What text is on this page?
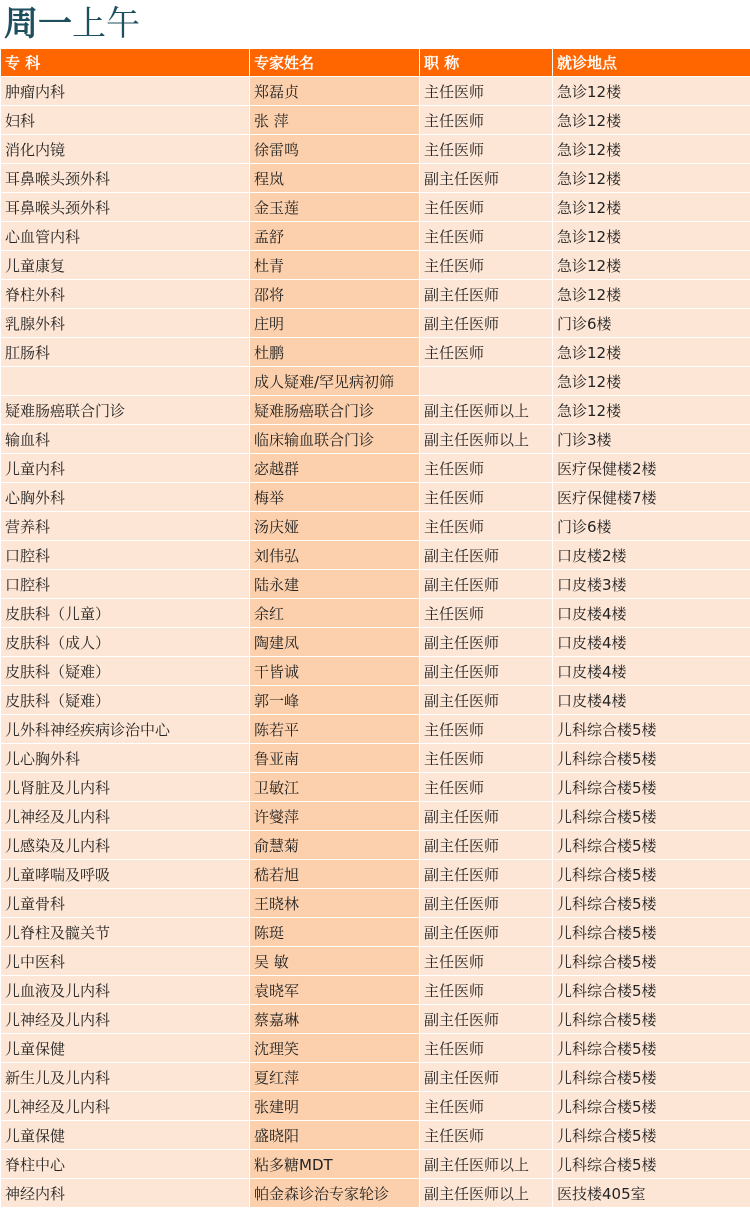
周一上午
专 科	专家姓名	职 称	就诊地点
肿瘤内科	郑磊贞	主任医师	急诊12楼
妇科	张 萍	主任医师	急诊12楼
消化内镜	徐雷鸣	主任医师	急诊12楼
耳鼻喉头颈外科	程岚	副主任医师	急诊12楼
耳鼻喉头颈外科	金玉莲	主任医师	急诊12楼
心血管内科	孟舒	主任医师	急诊12楼
儿童康复	杜青	主任医师	急诊12楼
脊柱外科	邵将	副主任医师	急诊12楼
乳腺外科	庄明	副主任医师	门诊6楼
肛肠科	杜鹏	主任医师	急诊12楼
	成人疑难/罕见病初筛		急诊12楼
疑难肠癌联合门诊	疑难肠癌联合门诊	副主任医师以上	急诊12楼
输血科	临床输血联合门诊	副主任医师以上	门诊3楼
儿童内科	宓越群	主任医师	医疗保健楼2楼
心胸外科	梅举	主任医师	医疗保健楼7楼
营养科	汤庆娅	主任医师	门诊6楼
口腔科	刘伟弘	副主任医师	口皮楼2楼
口腔科	陆永建	副主任医师	口皮楼3楼
皮肤科（儿童）	余红	主任医师	口皮楼4楼
皮肤科（成人）	陶建凤	副主任医师	口皮楼4楼
皮肤科（疑难）	干皆诚	副主任医师	口皮楼4楼
皮肤科（疑难）	郭一峰	副主任医师	口皮楼4楼
儿外科神经疾病诊治中心	陈若平	主任医师	儿科综合楼5楼
儿心胸外科	鲁亚南	主任医师	儿科综合楼5楼
儿肾脏及儿内科	卫敏江	主任医师	儿科综合楼5楼
儿神经及儿内科	许燮萍	副主任医师	儿科综合楼5楼
儿感染及儿内科	俞慧菊	副主任医师	儿科综合楼5楼
儿童哮喘及呼吸	嵇若旭	副主任医师	儿科综合楼5楼
儿童骨科	王晓林	副主任医师	儿科综合楼5楼
儿脊柱及髋关节	陈珽	副主任医师	儿科综合楼5楼
儿中医科	吴 敏	主任医师	儿科综合楼5楼
儿血液及儿内科	袁晓军	主任医师	儿科综合楼5楼
儿神经及儿内科	蔡嘉琳	副主任医师	儿科综合楼5楼
儿童保健	沈理笑	主任医师	儿科综合楼5楼
新生儿及儿内科	夏红萍	副主任医师	儿科综合楼5楼
儿神经及儿内科	张建明	主任医师	儿科综合楼5楼
儿童保健	盛晓阳	主任医师	儿科综合楼5楼
脊柱中心	粘多糖MDT	副主任医师以上	儿科综合楼5楼
神经内科	帕金森诊治专家轮诊	副主任医师以上	医技楼405室
